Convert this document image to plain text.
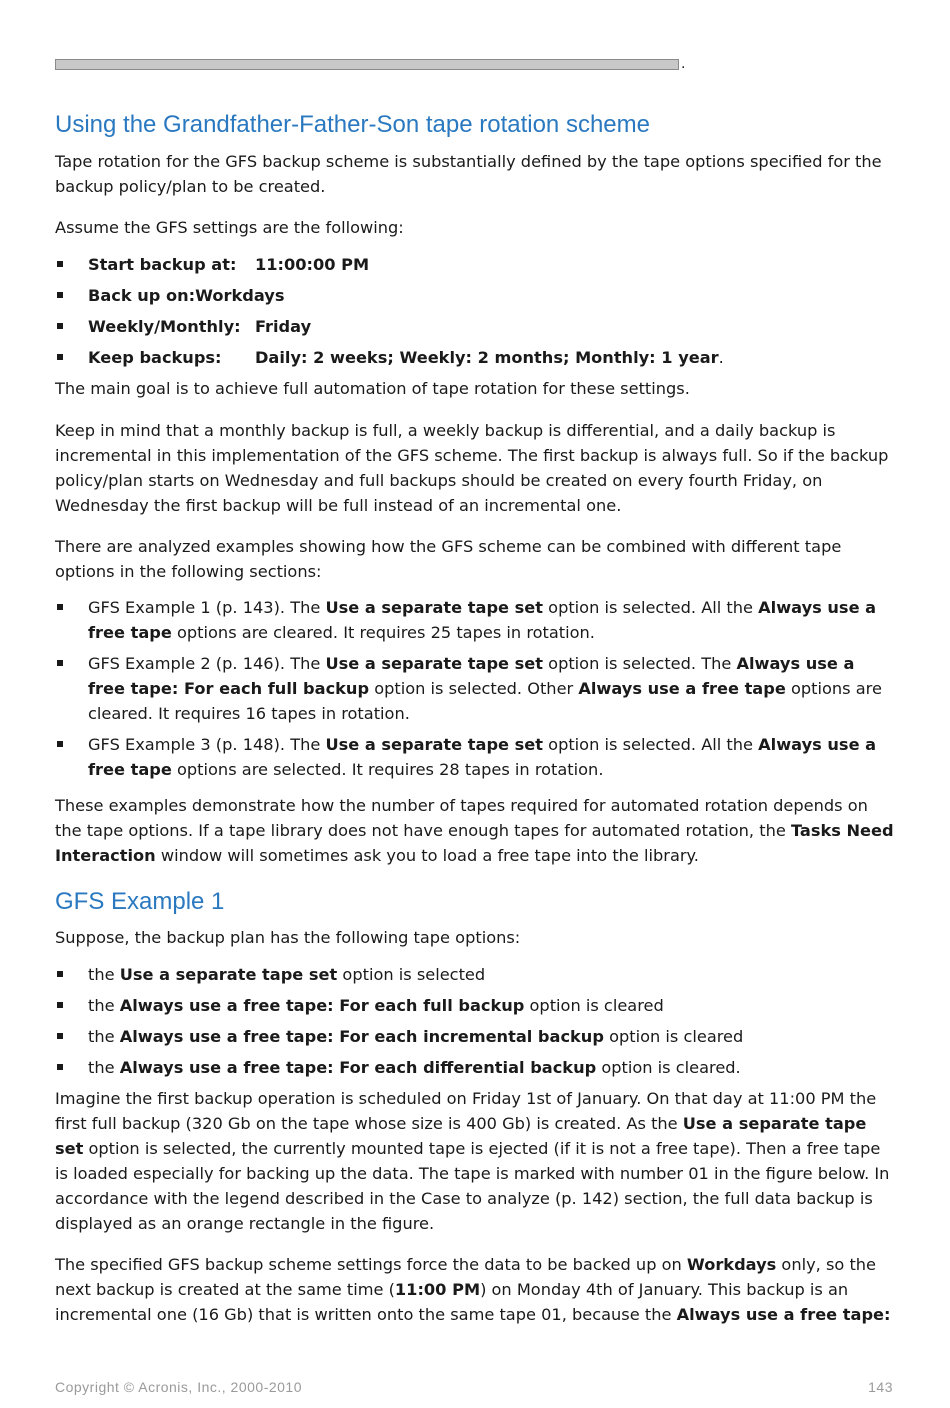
.
Using the Grandfather-Father-Son tape rotation scheme

Tape rotation for the GFS backup scheme is substantially defined by the tape options specified for the backup policy/plan to be created.

Assume the GFS settings are the following:

Start backup at: 11:00:00 PM
Back up on:Workdays
Weekly/Monthly: Friday
Keep backups: Daily: 2 weeks; Weekly: 2 months; Monthly: 1 year.

The main goal is to achieve full automation of tape rotation for these settings.

Keep in mind that a monthly backup is full, a weekly backup is differential, and a daily backup is incremental in this implementation of the GFS scheme. The first backup is always full. So if the backup policy/plan starts on Wednesday and full backups should be created on every fourth Friday, on Wednesday the first backup will be full instead of an incremental one.

There are analyzed examples showing how the GFS scheme can be combined with different tape options in the following sections:

GFS Example 1 (p. 143). The Use a separate tape set option is selected. All the Always use a free tape options are cleared. It requires 25 tapes in rotation.
GFS Example 2 (p. 146). The Use a separate tape set option is selected. The Always use a free tape: For each full backup option is selected. Other Always use a free tape options are cleared. It requires 16 tapes in rotation.
GFS Example 3 (p. 148). The Use a separate tape set option is selected. All the Always use a free tape options are selected. It requires 28 tapes in rotation.

These examples demonstrate how the number of tapes required for automated rotation depends on the tape options. If a tape library does not have enough tapes for automated rotation, the Tasks Need Interaction window will sometimes ask you to load a free tape into the library.

GFS Example 1

Suppose, the backup plan has the following tape options:

the Use a separate tape set option is selected
the Always use a free tape: For each full backup option is cleared
the Always use a free tape: For each incremental backup option is cleared
the Always use a free tape: For each differential backup option is cleared.

Imagine the first backup operation is scheduled on Friday 1st of January. On that day at 11:00 PM the first full backup (320 Gb on the tape whose size is 400 Gb) is created. As the Use a separate tape set option is selected, the currently mounted tape is ejected (if it is not a free tape). Then a free tape is loaded especially for backing up the data. The tape is marked with number 01 in the figure below. In accordance with the legend described in the Case to analyze (p. 142) section, the full data backup is displayed as an orange rectangle in the figure.

The specified GFS backup scheme settings force the data to be backed up on Workdays only, so the next backup is created at the same time (11:00 PM) on Monday 4th of January. This backup is an incremental one (16 Gb) that is written onto the same tape 01, because the Always use a free tape:

Copyright © Acronis, Inc., 2000-2010	143
